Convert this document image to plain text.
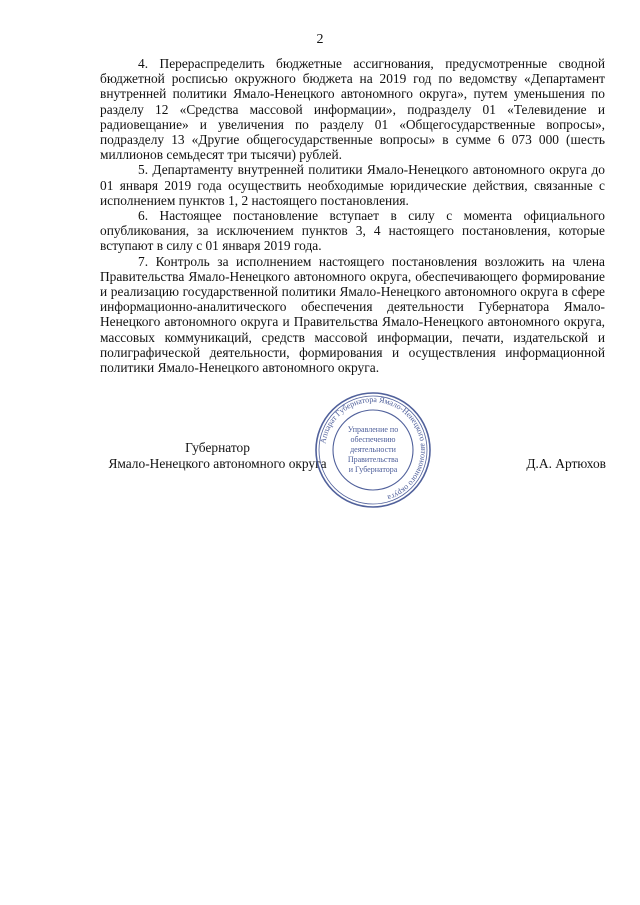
2

4. Перераспределить бюджетные ассигнования, предусмотренные сводной бюджетной росписью окружного бюджета на 2019 год по ведомству «Департамент внутренней политики Ямало-Ненецкого автономного округа», путем уменьшения по разделу 12 «Средства массовой информации», подразделу 01 «Телевидение и радиовещание» и увеличения по разделу 01 «Общегосударственные вопросы», подразделу 13 «Другие общегосударственные вопросы» в сумме 6 073 000 (шесть миллионов семьдесят три тысячи) рублей.

5. Департаменту внутренней политики Ямало-Ненецкого автономного округа до 01 января 2019 года осуществить необходимые юридические действия, связанные с исполнением пунктов 1, 2 настоящего постановления.

6. Настоящее постановление вступает в силу с момента официального опубликования, за исключением пунктов 3, 4 настоящего постановления, которые вступают в силу с 01 января 2019 года.

7. Контроль за исполнением настоящего постановления возложить на члена Правительства Ямало-Ненецкого автономного округа, обеспечивающего формирование и реализацию государственной политики Ямало-Ненецкого автономного округа в сфере информационно-аналитического обеспечения деятельности Губернатора Ямало-Ненецкого автономного округа и Правительства Ямало-Ненецкого автономного округа, массовых коммуникаций, средств массовой информации, печати, издательской и полиграфической деятельности, формирования и осуществления информационной политики Ямало-Ненецкого автономного округа.

Губернатор
Ямало-Ненецкого автономного округа
Аппарат Губернатора Ямало-Ненецкого автономного округа
Управление по
обеспечению
деятельности
Правительства
и Губернатора	Д.А. Артюхов
